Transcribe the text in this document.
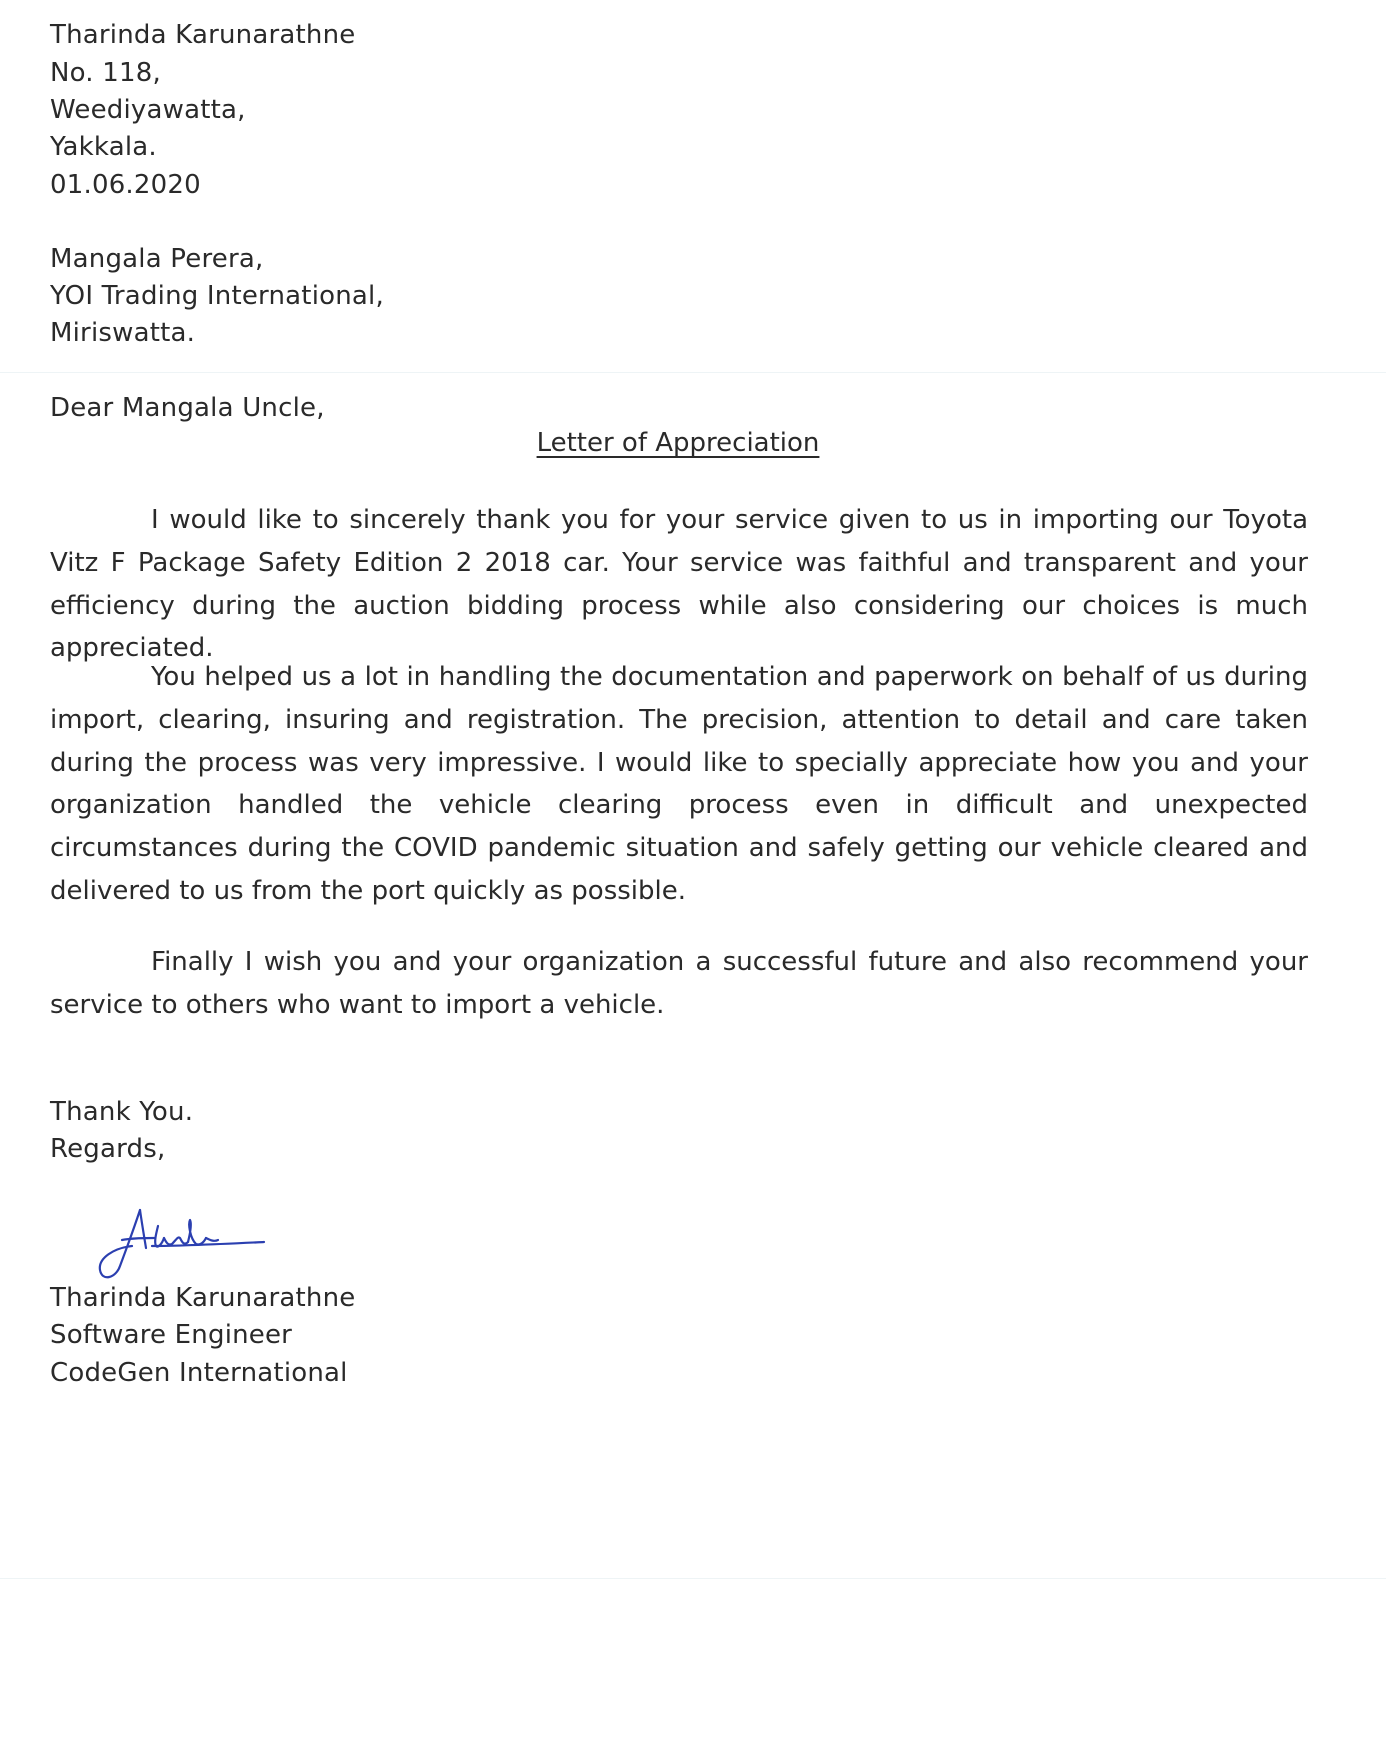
Tharinda Karunarathne
No. 118,
Weediyawatta,
Yakkala.
01.06.2020
Mangala Perera,
YOI Trading International,
Miriswatta.
Dear Mangala Uncle,
Letter of Appreciation

I would like to sincerely thank you for your service given to us in importing our Toyota Vitz F Package Safety Edition 2 2018 car. Your service was faithful and transparent and your efficiency during the auction bidding process while also considering our choices is much appreciated.

You helped us a lot in handling the documentation and paperwork on behalf of us during import, clearing, insuring and registration. The precision, attention to detail and care taken during the process was very impressive. I would like to specially appreciate how you and your organization handled the vehicle clearing process even in difficult and unexpected circumstances during the COVID pandemic situation and safely getting our vehicle cleared and delivered to us from the port quickly as possible.

Finally I wish you and your organization a successful future and also recommend your service to others who want to import a vehicle.

Thank You.
Regards,
Tharinda Karunarathne
Software Engineer
CodeGen International
